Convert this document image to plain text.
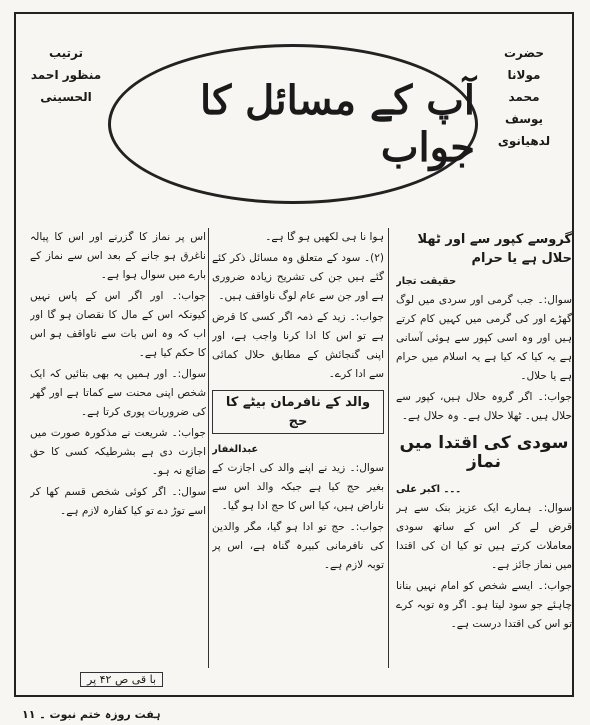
ترتیب
منظور احمد
الحسینی	آپ کے مسائل کا جواب
حضرت
مولانا
محمد یوسف
لدھیانوی
گروسے کپور سے اور ٹھلا حلال ہے یا حرام
حقیقت تجار

سوال:۔ جب گرمی اور سردی میں لوگ گھڑے اور کی گرمی میں کہیں کام کرتے ہیں اور وہ اسی کپور سے ہوئی آسانی ہے یہ کیا کہ کیا ہے یہ اسلام میں حرام ہے یا حلال۔

جواب:۔ اگر گروہ حلال ہیں، کپور سے حلال ہیں۔ ٹھلا حلال ہے۔ وہ حلال ہے۔

سودی کی اقتدا میں نماز
۔۔۔ اکبر علی

سوال:۔ ہمارے ایک عزیز بنک سے ہر قرض لے کر اس کے ساتھ سودی معاملات کرتے ہیں تو کیا ان کی اقتدا میں نماز جائز ہے۔

جواب:۔ ایسے شخص کو امام نہیں بنانا چاہئے جو سود لیتا ہو۔ اگر وہ توبہ کرے تو اس کی اقتدا درست ہے۔

ہوا نا ہی لکھیں ہو گا ہے۔

(۲)۔ سود کے متعلق وہ مسائل ذکر کئے گئے ہیں جن کی تشریح زیادہ ضروری ہے اور جن سے عام لوگ ناواقف ہیں۔

جواب:۔ زید کے ذمہ اگر کسی کا قرض ہے تو اس کا ادا کرنا واجب ہے، اور اپنی گنجائش کے مطابق حلال کمائی سے ادا کرے۔

والد کے نافرمان بیٹے کا حج
عبدالغفار

سوال:۔ زید نے اپنے والد کی اجازت کے بغیر حج کیا ہے جبکہ والد اس سے ناراض ہیں، کیا اس کا حج ادا ہو گیا۔

جواب:۔ حج تو ادا ہو گیا، مگر والدین کی نافرمانی کبیرہ گناہ ہے، اس پر توبہ لازم ہے۔

اس پر نماز کا گزرنے اور اس کا پیالہ ناغرق ہو جانے کے بعد اس سے نماز کے بارے میں سوال ہوا ہے۔

جواب:۔ اور اگر اس کے پاس نہیں کیونکہ اس کے مال کا نقصان ہو گا اور اب کہ وہ اس بات سے ناواقف ہو اس کا حکم کیا ہے۔

سوال:۔ اور ہمیں یہ بھی بتائیں کہ ایک شخص اپنی محنت سے کماتا ہے اور گھر کی ضروریات پوری کرتا ہے۔

جواب:۔ شریعت نے مذکورہ صورت میں اجازت دی ہے بشرطیکہ کسی کا حق ضائع نہ ہو۔

سوال:۔ اگر کوئی شخص قسم کھا کر اسے توڑ دے تو کیا کفارہ لازم ہے۔

با قی ص ۴۲ پر
ہفت روزہ ختم نبوت ۔ ۱۱
